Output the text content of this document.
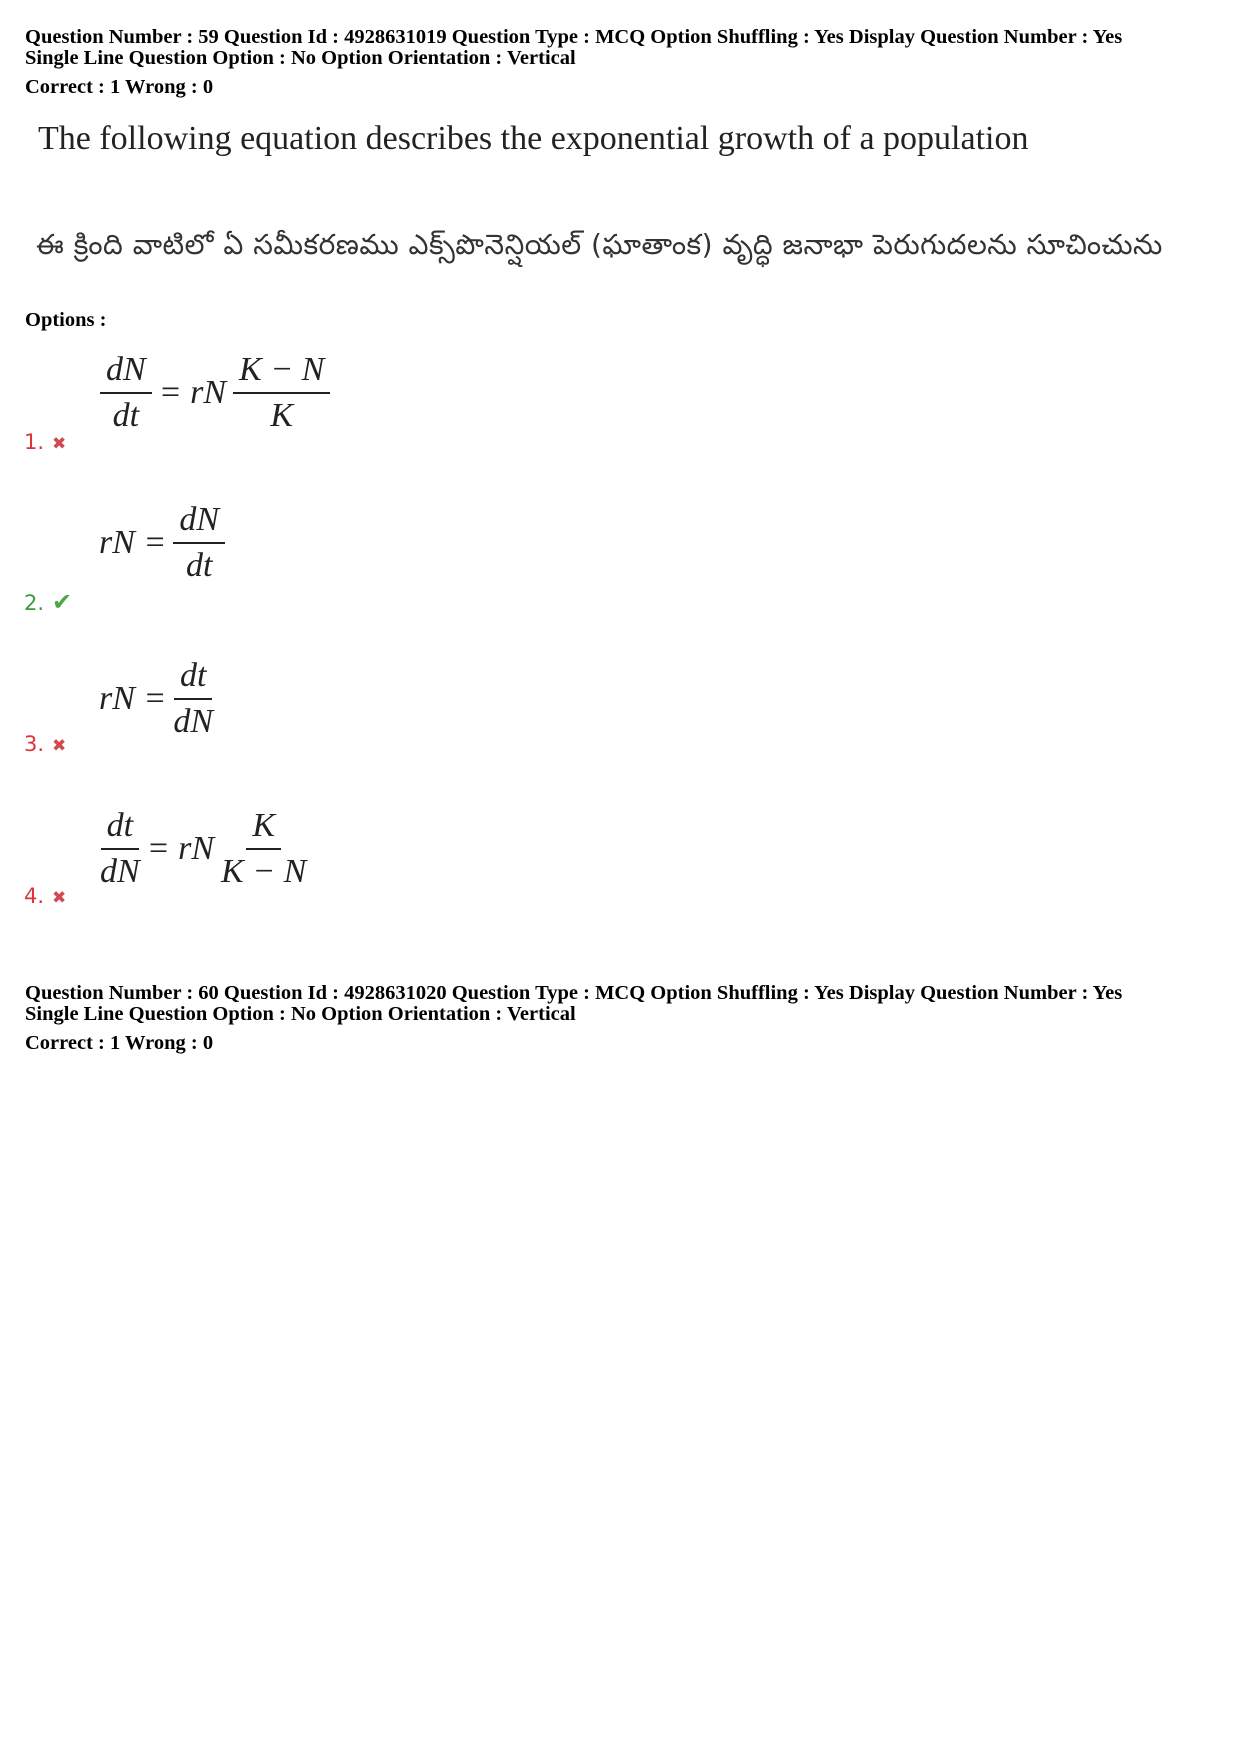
Question Number : 59 Question Id : 4928631019 Question Type : MCQ Option Shuffling : Yes Display Question Number : Yes
Single Line Question Option : No Option Orientation : Vertical
Correct : 1 Wrong : 0
The following equation describes the exponential growth of a population
ఈ క్రింది వాటిలో ఏ సమీకరణము ఎక్స్‌పొనెన్షియల్ (ఘాతాంక) వృద్ధి జనాభా పెరుగుదలను సూచించును
Options :
$\frac{dN}{dt}$ = rN $\frac{K - N}{K}$
1. ✖
rN = $\frac{dN}{dt}$
2. ✔
rN = $\frac{dt}{dN}$
3. ✖
$\frac{dt}{dN}$ = rN $\frac{K}{K - N}$
4. ✖
Question Number : 60 Question Id : 4928631020 Question Type : MCQ Option Shuffling : Yes Display Question Number : Yes
Single Line Question Option : No Option Orientation : Vertical
Correct : 1 Wrong : 0
